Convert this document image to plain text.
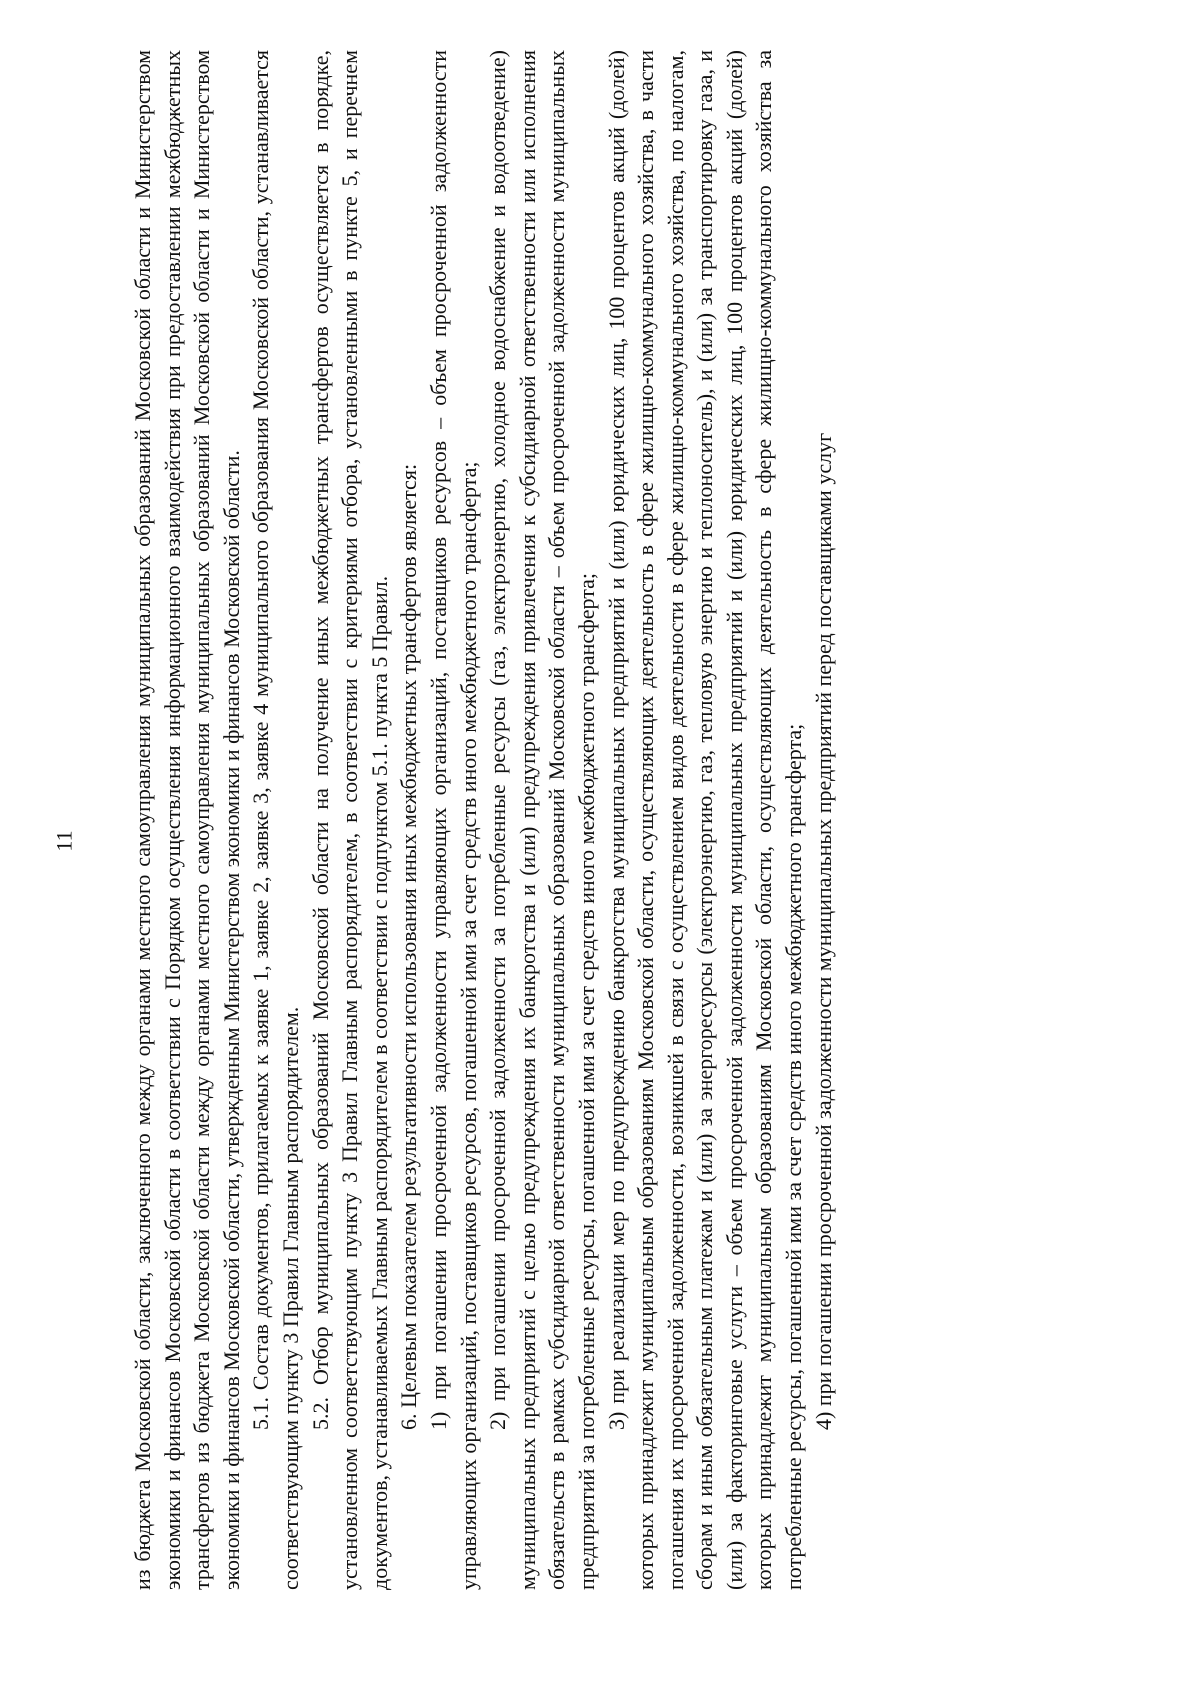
11 из бюджета Московской области, заключенного между органами местного самоуправления муниципальных образований Московской области и Министерством экономики и финансов Московской области в соответствии с Порядком осуществления информационного взаимодействия при предоставлении межбюджетных трансфертов из бюджета Московской области между органами местного самоуправления муниципальных образований Московской области и Министерством экономики и финансов Московской области, утвержденным Министерством экономики и финансов Московской области. 5.1. Состав документов, прилагаемых к заявке 1, заявке 2, заявке 3, заявке 4 муниципального образования Московской области, устанавливается соответствующим пункту 3 Правил Главным распорядителем. 5.2. Отбор муниципальных образований Московской области на получение иных межбюджетных трансфертов осуществляется в порядке, установленном соответствующим пункту 3 Правил Главным распорядителем, в соответствии с критериями отбора, установленными в пункте 5, и перечнем документов, устанавливаемых Главным распорядителем в соответствии с подпунктом 5.1. пункта 5 Правил. 6. Целевым показателем результативности использования иных межбюджетных трансфертов является: 1) при погашении просроченной задолженности управляющих организаций, поставщиков ресурсов – объем просроченной задолженности управляющих организаций, поставщиков ресурсов, погашенной ими за счет средств иного межбюджетного трансферта; 2) при погашении просроченной задолженности за потребленные ресурсы (газ, электроэнергию, холодное водоснабжение и водоотведение) муниципальных предприятий с целью предупреждения их банкротства и (или) предупреждения привлечения к субсидиарной ответственности или исполнения обязательств в рамках субсидиарной ответственности муниципальных образований Московской области – объем просроченной задолженности муниципальных предприятий за потребленные ресурсы, погашенной ими за счет средств иного межбюджетного трансферта; 3) при реализации мер по предупреждению банкротства муниципальных предприятий и (или) юридических лиц, 100 процентов акций (долей) которых принадлежит муниципальным образованиям Московской области, осуществляющих деятельность в сфере жилищно-коммунального хозяйства, в части погашения их просроченной задолженности, возникшей в связи с осуществлением видов деятельности в сфере жилищно-коммунального хозяйства, по налогам, сборам и иным обязательным платежам и (или) за энергоресурсы (электроэнергию, газ, тепловую энергию и теплоноситель), и (или) за транспортировку газа, и (или) за факторинговые услуги – объем просроченной задолженности муниципальных предприятий и (или) юридических лиц, 100 процентов акций (долей) которых принадлежит муниципальным образованиям Московской области, осуществляющих деятельность в сфере жилищно-коммунального хозяйства за потребленные ресурсы, погашенной ими за счет средств иного межбюджетного трансферта; 4) при погашении просроченной задолженности муниципальных предприятий перед поставщиками услуг
